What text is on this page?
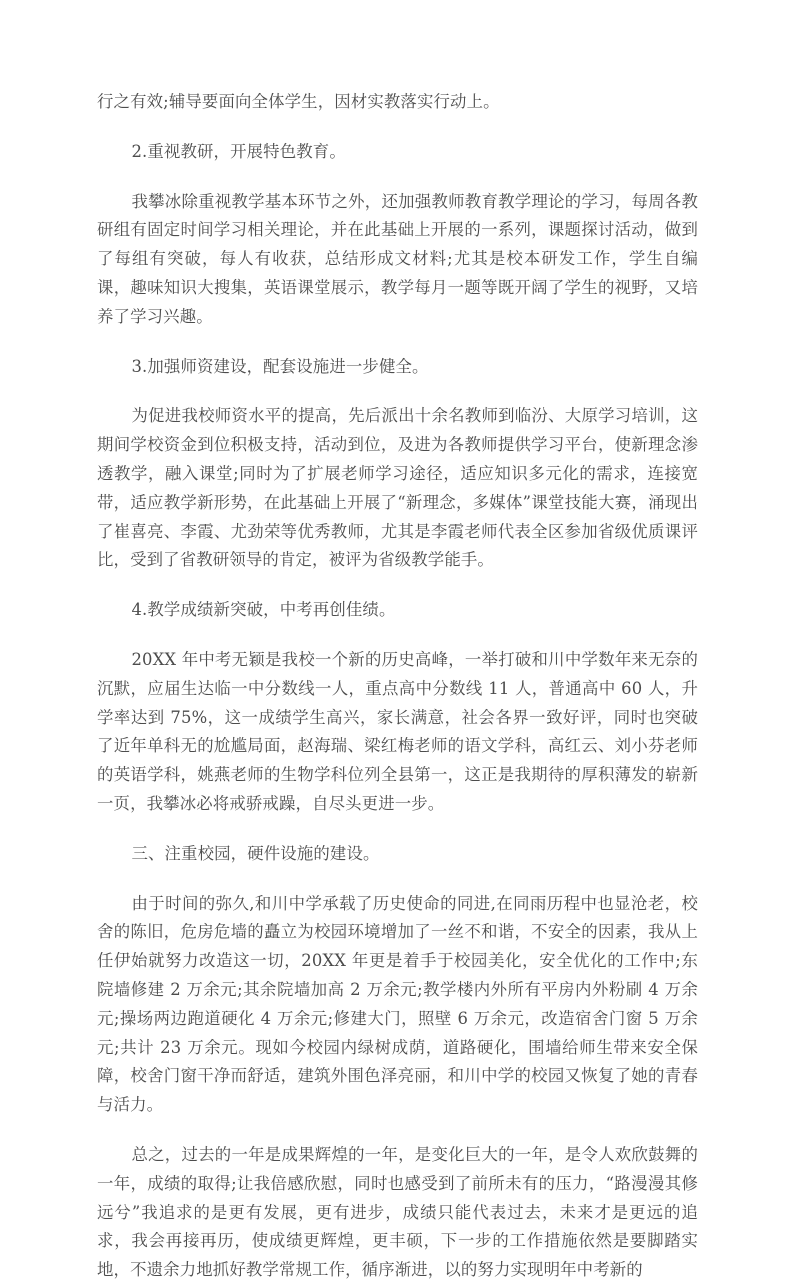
行之有效;辅导要面向全体学生，因材实教落实行动上。

2.重视教研，开展特色教育。

我攀冰除重视教学基本环节之外，还加强教师教育教学理论的学习，每周各教研组有固定时间学习相关理论，并在此基础上开展的一系列，课题探讨活动，做到了每组有突破，每人有收获，总结形成文材料;尤其是校本研发工作，学生自编课，趣味知识大搜集，英语课堂展示，教学每月一题等既开阔了学生的视野，又培养了学习兴趣。

3.加强师资建设，配套设施进一步健全。

为促进我校师资水平的提高，先后派出十余名教师到临汾、大原学习培训，这期间学校资金到位积极支持，活动到位，及进为各教师提供学习平台，使新理念渗透教学，融入课堂;同时为了扩展老师学习途径，适应知识多元化的需求，连接宽带，适应教学新形势，在此基础上开展了“新理念，多媒体”课堂技能大赛，涌现出了崔喜亮、李霞、尤劲荣等优秀教师，尤其是李霞老师代表全区参加省级优质课评比，受到了省教研领导的肯定，被评为省级教学能手。

4.教学成绩新突破，中考再创佳绩。

20XX 年中考无颖是我校一个新的历史高峰，一举打破和川中学数年来无奈的沉默，应届生达临一中分数线一人，重点高中分数线 11 人，普通高中 60 人，升学率达到 75%，这一成绩学生高兴，家长满意，社会各界一致好评，同时也突破了近年单科无的尬尴局面，赵海瑞、梁红梅老师的语文学科，高红云、刘小芬老师的英语学科，姚燕老师的生物学科位列全县第一，这正是我期待的厚积薄发的崭新一页，我攀冰必将戒骄戒躁，自尽头更进一步。

三、注重校园，硬件设施的建设。

由于时间的弥久,和川中学承载了历史使命的同进,在同雨历程中也显沧老，校舍的陈旧，危房危墙的矗立为校园环境增加了一丝不和谐，不安全的因素，我从上任伊始就努力改造这一切，20XX 年更是着手于校园美化，安全优化的工作中;东院墙修建 2 万余元;其余院墙加高 2 万余元;教学楼内外所有平房内外粉刷 4 万余元;操场两边跑道硬化 4 万余元;修建大门，照壁 6 万余元，改造宿舍门窗 5 万余元;共计 23 万余元。现如今校园内绿树成荫，道路硬化，围墙给师生带来安全保障，校舍门窗干净而舒适，建筑外围色泽亮丽，和川中学的校园又恢复了她的青春与活力。

总之，过去的一年是成果辉煌的一年，是变化巨大的一年，是令人欢欣鼓舞的一年，成绩的取得;让我倍感欣慰，同时也感受到了前所未有的压力，“路漫漫其修远兮”我追求的是更有发展，更有进步，成绩只能代表过去，未来才是更远的追求，我会再接再历，使成绩更辉煌，更丰硕，下一步的工作措施依然是要脚踏实地，不遗余力地抓好教学常规工作，循序渐进，以的努力实现明年中考新的
